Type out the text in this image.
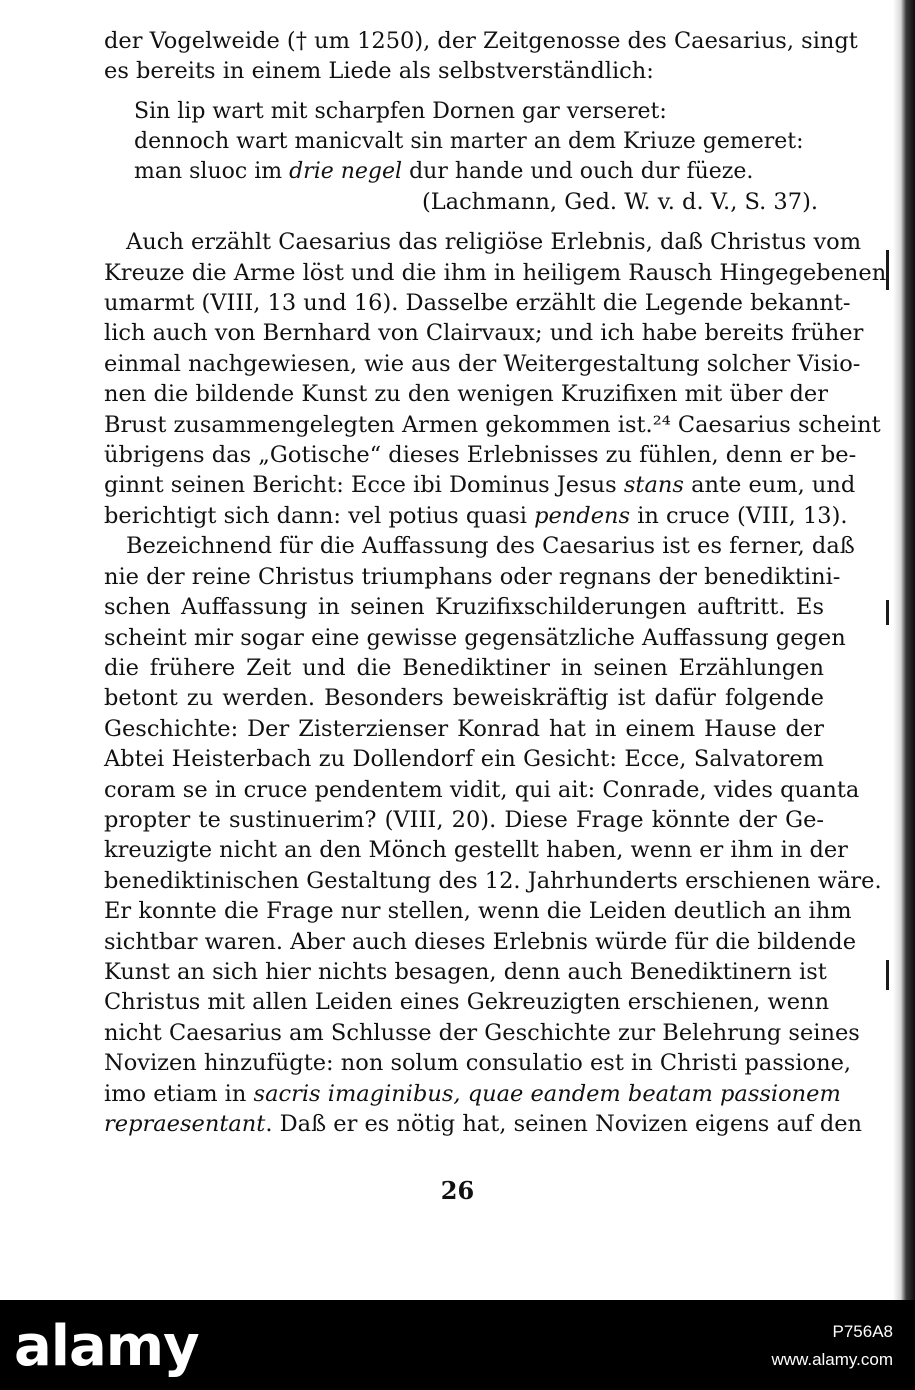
der Vogelweide († um 1250), der Zeitgenosse des Caesarius, singt
es bereits in einem Liede als selbstverständlich:
Sin lip wart mit scharpfen Dornen gar verseret:
dennoch wart manicvalt sin marter an dem Kriuze gemeret:
man sluoc im drie negel dur hande und ouch dur füeze.
(Lachmann, Ged. W. v. d. V., S. 37).
Auch erzählt Caesarius das religiöse Erlebnis, daß Christus vom
Kreuze die Arme löst und die ihm in heiligem Rausch Hingegebenen
umarmt (VIII, 13 und 16). Dasselbe erzählt die Legende bekannt-
lich auch von Bernhard von Clairvaux; und ich habe bereits früher
einmal nachgewiesen, wie aus der Weitergestaltung solcher Visio-
nen die bildende Kunst zu den wenigen Kruzifixen mit über der
Brust zusammengelegten Armen gekommen ist.²⁴ Caesarius scheint
übrigens das „Gotische“ dieses Erlebnisses zu fühlen, denn er be-
ginnt seinen Bericht: Ecce ibi Dominus Jesus stans ante eum, und
berichtigt sich dann: vel potius quasi pendens in cruce (VIII, 13).
Bezeichnend für die Auffassung des Caesarius ist es ferner, daß
nie der reine Christus triumphans oder regnans der benediktini-
schen Auffassung in seinen Kruzifixschilderungen auftritt. Es
scheint mir sogar eine gewisse gegensätzliche Auffassung gegen
die frühere Zeit und die Benediktiner in seinen Erzählungen
betont zu werden. Besonders beweiskräftig ist dafür folgende
Geschichte: Der Zisterzienser Konrad hat in einem Hause der
Abtei Heisterbach zu Dollendorf ein Gesicht: Ecce, Salvatorem
coram se in cruce pendentem vidit, qui ait: Conrade, vides quanta
propter te sustinuerim? (VIII, 20). Diese Frage könnte der Ge-
kreuzigte nicht an den Mönch gestellt haben, wenn er ihm in der
benediktinischen Gestaltung des 12. Jahrhunderts erschienen wäre.
Er konnte die Frage nur stellen, wenn die Leiden deutlich an ihm
sichtbar waren. Aber auch dieses Erlebnis würde für die bildende
Kunst an sich hier nichts besagen, denn auch Benediktinern ist
Christus mit allen Leiden eines Gekreuzigten erschienen, wenn
nicht Caesarius am Schlusse der Geschichte zur Belehrung seines
Novizen hinzufügte: non solum consulatio est in Christi passione,
imo etiam in sacris imaginibus, quae eandem beatam passionem
repraesentant. Daß er es nötig hat, seinen Novizen eigens auf den
26
alamy	P756A8
www.alamy.com
